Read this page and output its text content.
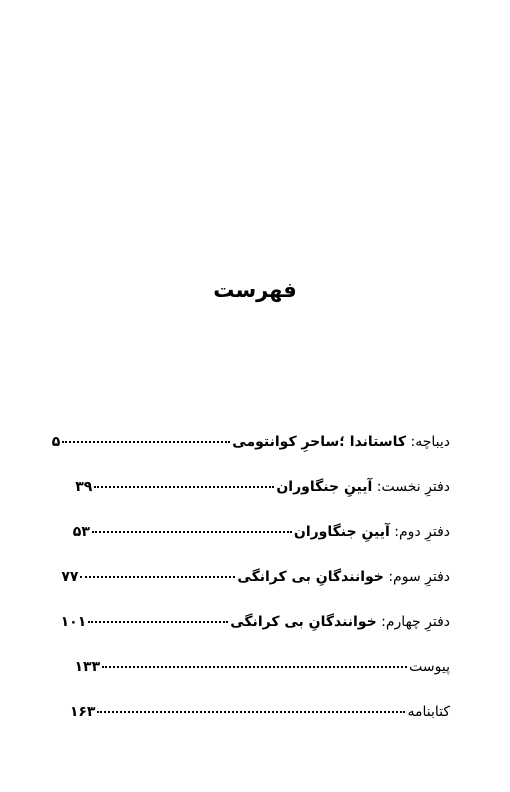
فهرست
دیباچه: کاستاندا ؛ساحرِ کوانتومی
۵
دفترِ نخست: آیینِ جنگاوران
۳۹
دفترِ دوم: آیینِ جنگاوران
۵۳
دفترِ سوم: خوانندگانِ بی کرانگی
۷۷
دفترِ چهارم: خوانندگانِ بی کرانگی
۱۰۱
پیوست
۱۳۳
کتابنامه
۱۶۳
